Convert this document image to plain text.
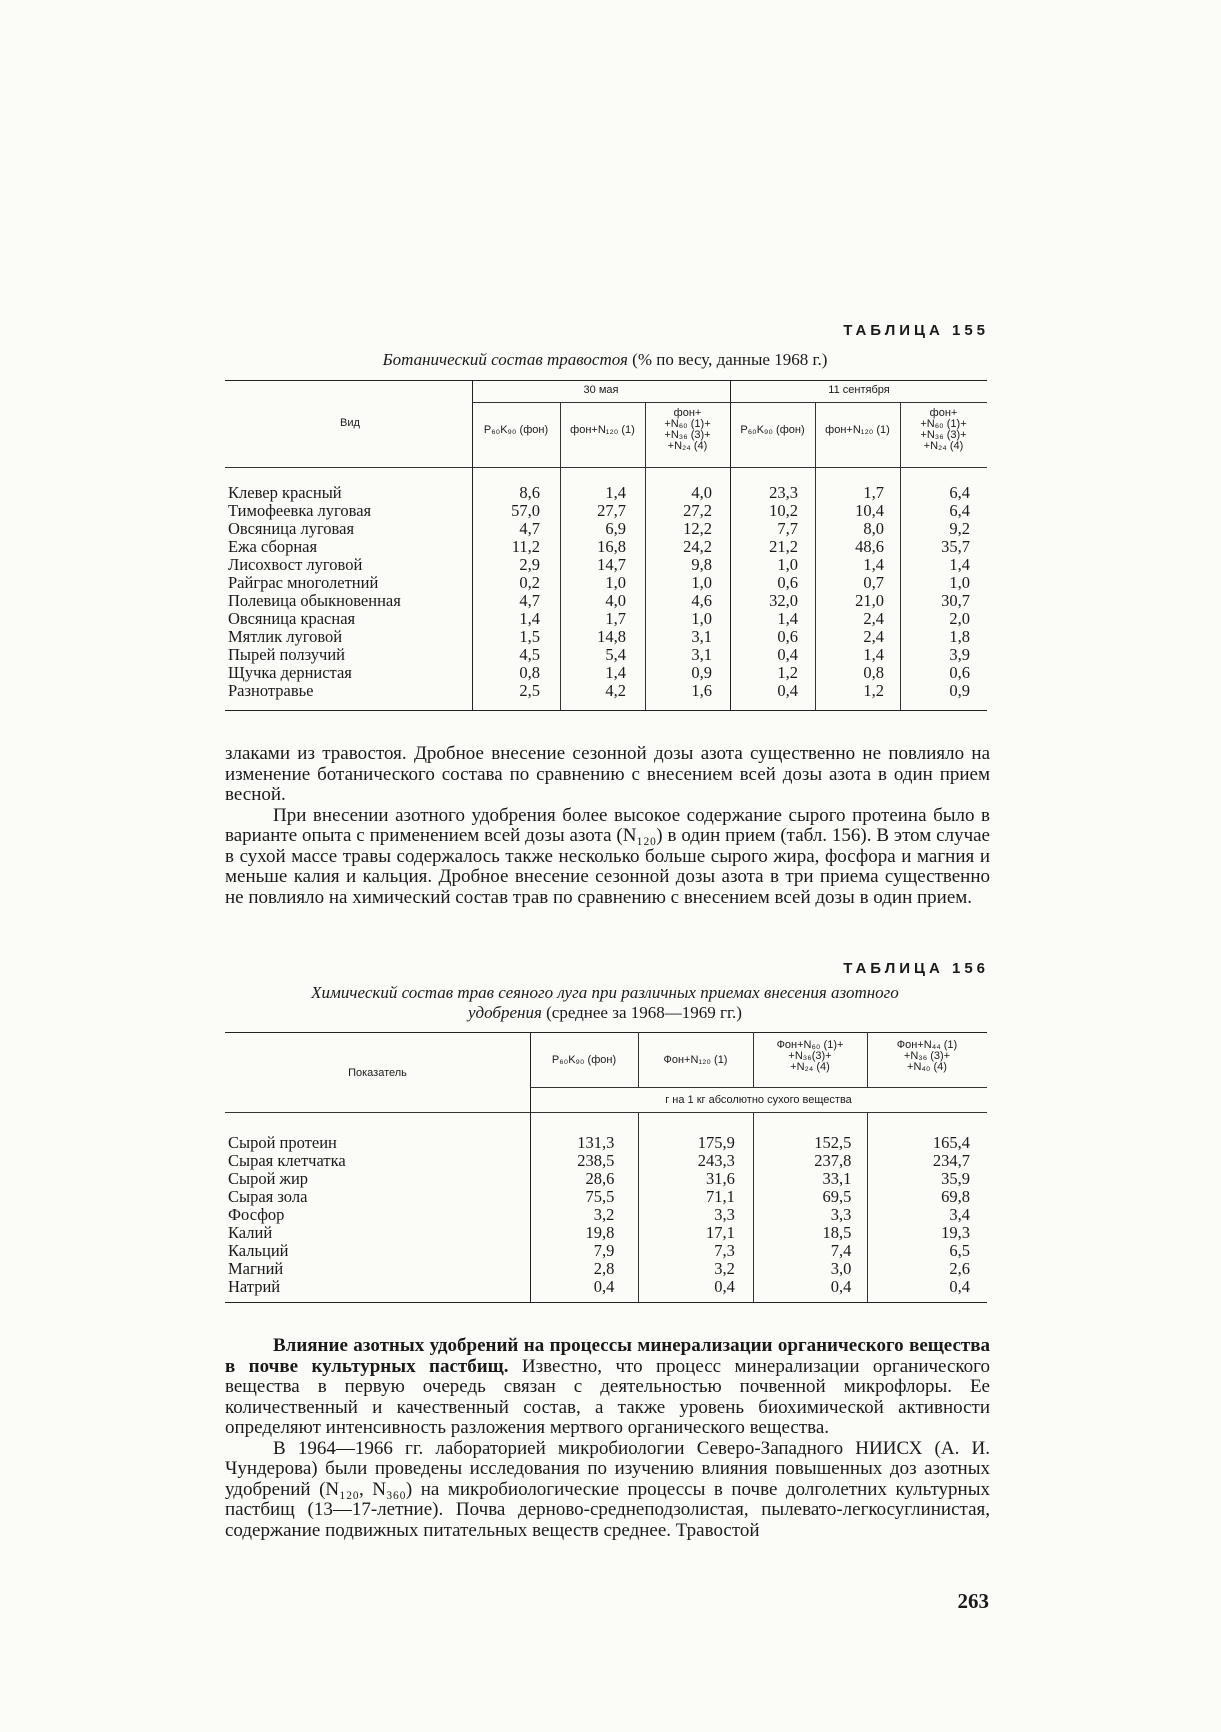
ТАБЛИЦА 155
Ботанический состав травостоя (% по весу, данные 1968 г.)
Вид
30 мая	11 сентября
P₆₀K₉₀ (фон)	фон+N₁₂₀ (1)
фон+
+N₆₀ (1)+
+N₃₆ (3)+
+N₂₄ (4)
P₆₀K₉₀ (фон)	фон+N₁₂₀ (1)
фон+
+N₆₀ (1)+
+N₃₆ (3)+
+N₂₄ (4)
Клевер красный	8,6	1,4	4,0	23,3	1,7	6,4
Тимофеевка луговая	57,0	27,7	27,2	10,2	10,4	6,4
Овсяница луговая	4,7	6,9	12,2	7,7	8,0	9,2
Ежа сборная	11,2	16,8	24,2	21,2	48,6	35,7
Лисохвост луговой	2,9	14,7	9,8	1,0	1,4	1,4
Райграс многолетний	0,2	1,0	1,0	0,6	0,7	1,0
Полевица обыкновенная	4,7	4,0	4,6	32,0	21,0	30,7
Овсяница красная	1,4	1,7	1,0	1,4	2,4	2,0
Мятлик луговой	1,5	14,8	3,1	0,6	2,4	1,8
Пырей ползучий	4,5	5,4	3,1	0,4	1,4	3,9
Щучка дернистая	0,8	1,4	0,9	1,2	0,8	0,6
Разнотравье	2,5	4,2	1,6	0,4	1,2	0,9

злаками из травостоя. Дробное внесение сезонной дозы азота существенно не повлияло на изменение ботанического состава по сравнению с внесением всей дозы азота в один прием весной.

При внесении азотного удобрения более высокое содержание сырого протеина было в варианте опыта с применением всей дозы азота (N₁₂₀) в один прием (табл. 156). В этом случае в сухой массе травы содержалось также несколько больше сырого жира, фосфора и магния и меньше калия и кальция. Дробное внесение сезонной дозы азота в три приема существенно не повлияло на химический состав трав по сравнению с внесением всей дозы в один прием.

ТАБЛИЦА 156
Химический состав трав сеяного луга при различных приемах внесения азотного
удобрения (среднее за 1968—1969 гг.)
Показатель
P₆₀K₉₀ (фон)	Фон+N₁₂₀ (1)
Фон+N₆₀ (1)+
+N₃₆(3)+
+N₂₄ (4)
Фон+N₄₄ (1)
+N₃₆ (3)+
+N₄₀ (4)
г на 1 кг абсолютно сухого вещества
Сырой протеин	131,3	175,9	152,5	165,4
Сырая клетчатка	238,5	243,3	237,8	234,7
Сырой жир	28,6	31,6	33,1	35,9
Сырая зола	75,5	71,1	69,5	69,8
Фосфор	3,2	3,3	3,3	3,4
Калий	19,8	17,1	18,5	19,3
Кальций	7,9	7,3	7,4	6,5
Магний	2,8	3,2	3,0	2,6
Натрий	0,4	0,4	0,4	0,4

Влияние азотных удобрений на процессы минерализации органического вещества в почве культурных пастбищ. Известно, что процесс минерализации органического вещества в первую очередь связан с деятельностью почвенной микрофлоры. Ее количественный и качественный состав, а также уровень биохимической активности определяют интенсивность разложения мертвого органического вещества.

В 1964—1966 гг. лабораторией микробиологии Северо-Западного НИИСХ (А. И. Чундерова) были проведены исследования по изучению влияния повышенных доз азотных удобрений (N₁₂₀, N₃₆₀) на микробиологические процессы в почве долголетних культурных пастбищ (13—17-летние). Почва дерново-среднеподзолистая, пылевато-легкосуглинистая, содержание подвижных питательных веществ среднее. Травостой

263
